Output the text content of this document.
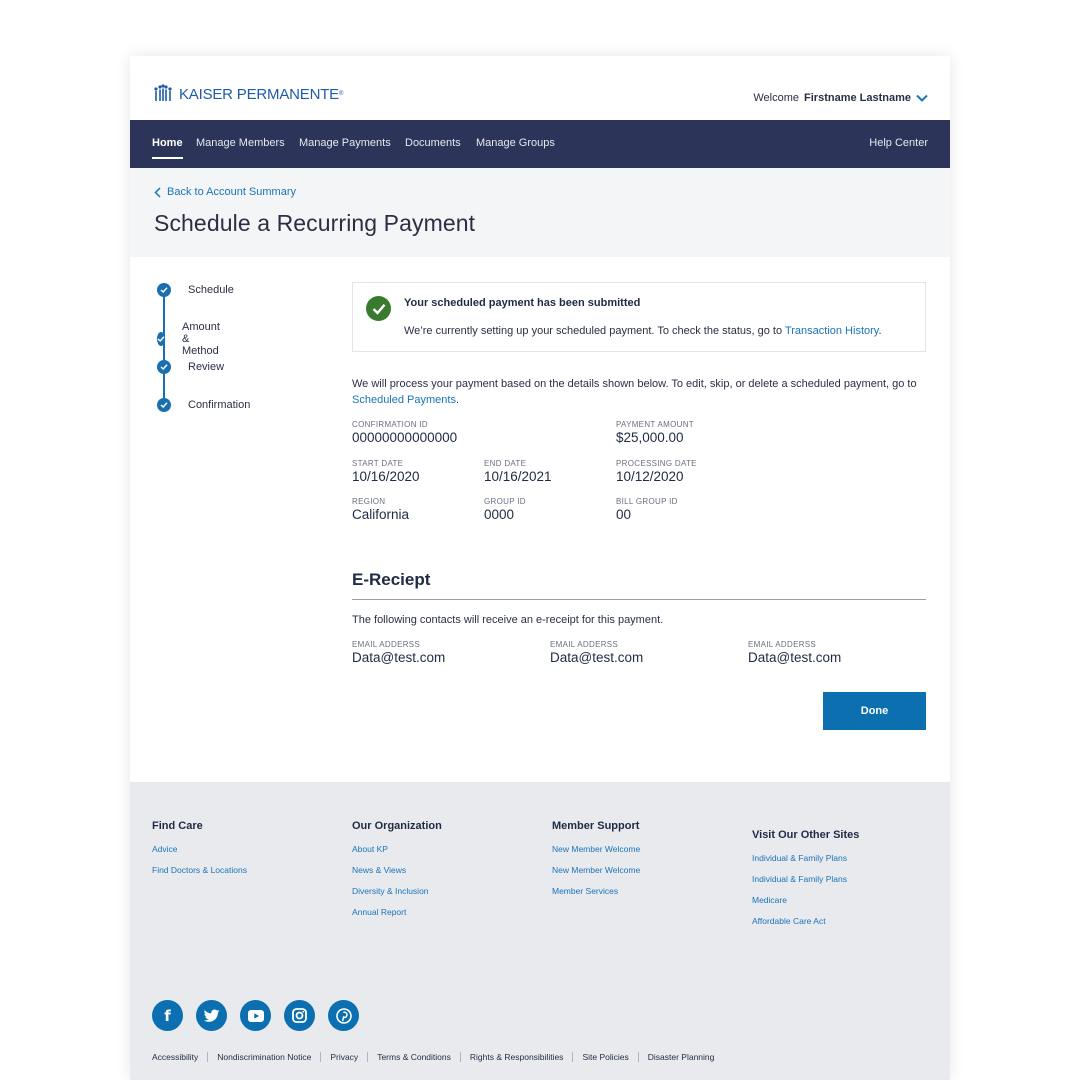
KAISER PERMANENTE ®	Welcome Firstname Lastname
Home Manage Members Manage Payments Documents Manage Groups	Help Center
Back to Account Summary
Schedule a Recurring Payment
Schedule
Amount & Method
Review
Confirmation
Your scheduled payment has been submitted
We’re currently setting up your scheduled payment. To check the status, go to Transaction History.
We will process your payment based on the details shown below. To edit, skip, or delete a scheduled payment, go to Scheduled Payments.
CONFIRMATION ID
00000000000000
PAYMENT AMOUNT
$25,000.00
START DATE
10/16/2020
END DATE
10/16/2021
PROCESSING DATE
10/12/2020
REGION
California
GROUP ID
0000
BILL GROUP ID
00
E-Reciept
The following contacts will receive an e-receipt for this payment.
EMAIL ADDERSS
Data@test.com
EMAIL ADDERSS
Data@test.com
EMAIL ADDERSS
Data@test.com
Done
Find Care
Advice
Find Doctors & Locations
Our Organization
About KP
News & Views
Diversity & Inclusion
Annual Report
Member Support
New Member Welcome
New Member Welcome
Member Services
Visit Our Other Sites
Individual & Family Plans
Individual & Family Plans
Medicare
Affordable Care Act
f
Accessibility Nondiscrimination Notice Privacy Terms & Conditions Rights & Responsibilities Site Policies Disaster Planning
